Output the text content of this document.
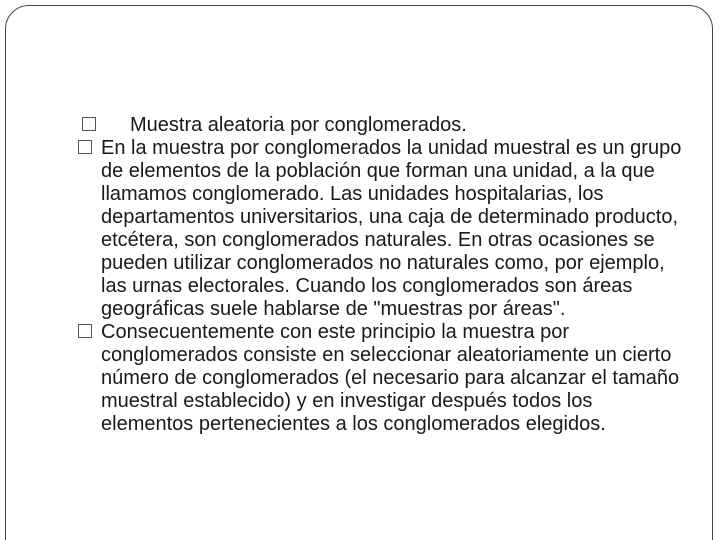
Muestra aleatoria por conglomerados.

En la muestra por conglomerados la unidad muestral es un grupo de elementos de la población que forman una unidad, a la que llamamos conglomerado. Las unidades hospitalarias, los departamentos universitarios, una caja de determinado producto, etcétera, son conglomerados naturales. En otras ocasiones se pueden utilizar conglomerados no naturales como, por ejemplo, las urnas electorales. Cuando los conglomerados son áreas geográficas suele hablarse de "muestras por áreas".

Consecuentemente con este principio la muestra por conglomerados consiste en seleccionar aleatoriamente un cierto número de conglomerados (el necesario para alcanzar el tamaño muestral establecido) y en investigar después todos los elementos pertenecientes a los conglomerados elegidos.
